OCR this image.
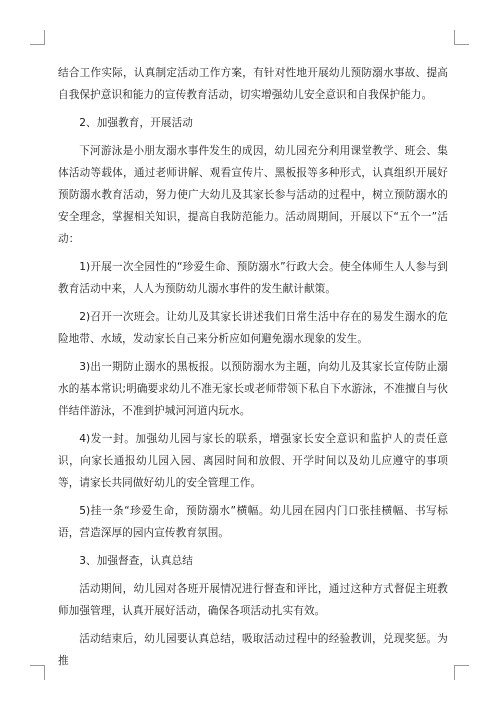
结合工作实际，认真制定活动工作方案，有针对性地开展幼儿预防溺水事故、提高自我保护意识和能力的宣传教育活动，切实增强幼儿安全意识和自我保护能力。

2、加强教育，开展活动

下河游泳是小朋友溺水事件发生的成因，幼儿园充分利用课堂教学、班会、集体活动等载体，通过老师讲解、观看宣传片、黑板报等多种形式，认真组织开展好预防溺水教育活动，努力使广大幼儿及其家长参与活动的过程中，树立预防溺水的安全理念，掌握相关知识，提高自我防范能力。活动周期间，开展以下“五个一”活动：

1)开展一次全园性的“珍爱生命、预防溺水”行政大会。使全体师生人人参与到教育活动中来，人人为预防幼儿溺水事件的发生献计献策。

2)召开一次班会。让幼儿及其家长讲述我们日常生活中存在的易发生溺水的危险地带、水域，发动家长自己来分析应如何避免溺水现象的发生。

3)出一期防止溺水的黑板报。以预防溺水为主题，向幼儿及其家长宣传防止溺水的基本常识;明确要求幼儿不准无家长或老师带领下私自下水游泳，不准擅自与伙伴结伴游泳，不准到护城河河道内玩水。

4)发一封。加强幼儿园与家长的联系，增强家长安全意识和监护人的责任意识，向家长通报幼儿园入园、离园时间和放假、开学时间以及幼儿应遵守的事项等，请家长共同做好幼儿的安全管理工作。

5)挂一条“珍爱生命，预防溺水”横幅。幼儿园在园内门口张挂横幅、书写标语，营造深厚的园内宣传教育氛围。

3、加强督查，认真总结

活动期间，幼儿园对各班开展情况进行督查和评比，通过这种方式督促主班教师加强管理，认真开展好活动，确保各项活动扎实有效。

活动结束后，幼儿园要认真总结，吸取活动过程中的经验教训，兑现奖惩。为推
